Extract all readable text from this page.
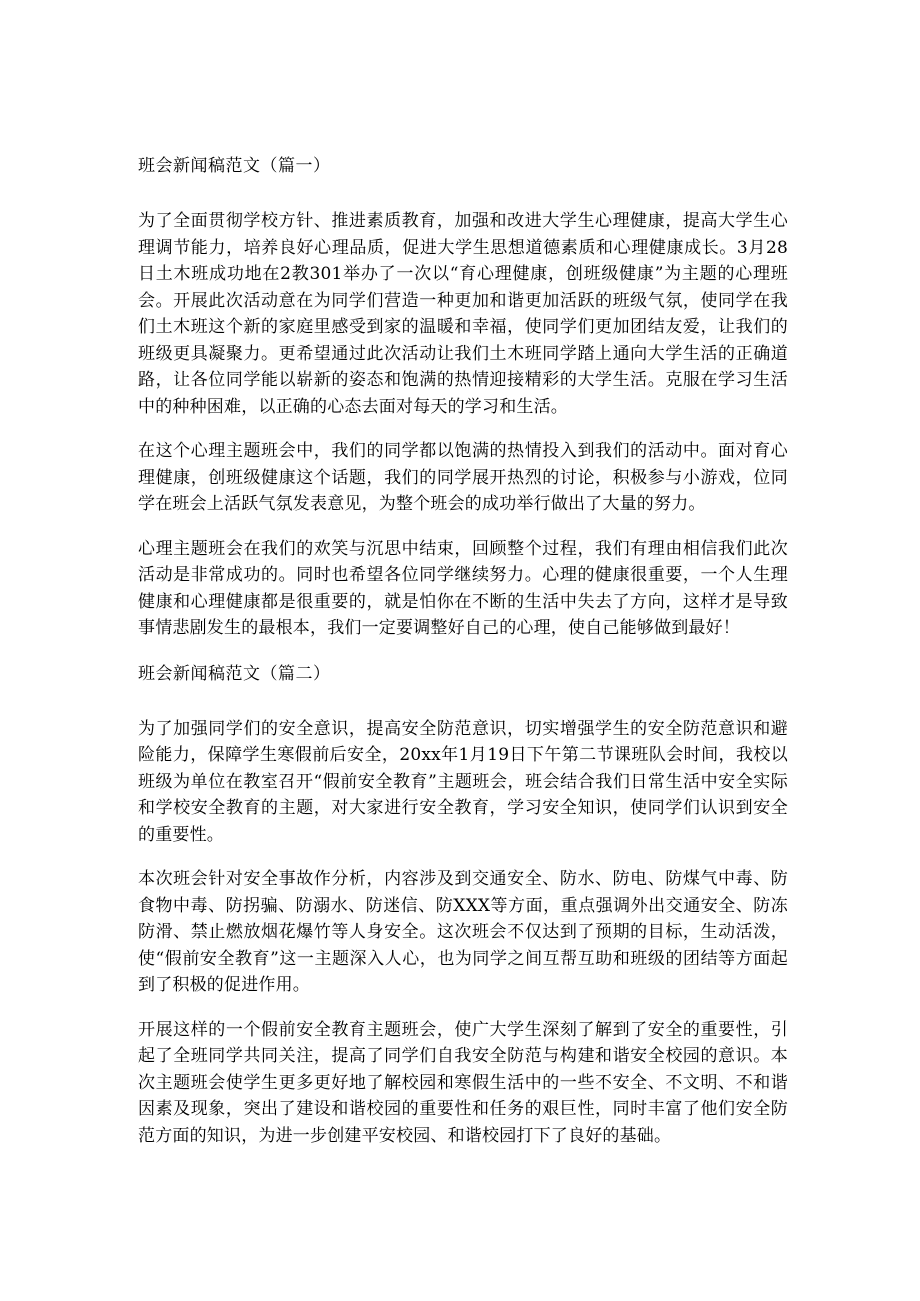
班会新闻稿范文（篇一）

为了全面贯彻学校方针、推进素质教育，加强和改进大学生心理健康，提高大学生心理调节能力，培养良好心理品质，促进大学生思想道德素质和心理健康成长。3月28日土木班成功地在2教301举办了一次以“育心理健康，创班级健康”为主题的心理班会。开展此次活动意在为同学们营造一种更加和谐更加活跃的班级气氛，使同学在我们土木班这个新的家庭里感受到家的温暖和幸福，使同学们更加团结友爱，让我们的班级更具凝聚力。更希望通过此次活动让我们土木班同学踏上通向大学生活的正确道路，让各位同学能以崭新的姿态和饱满的热情迎接精彩的大学生活。克服在学习生活中的种种困难，以正确的心态去面对每天的学习和生活。

在这个心理主题班会中，我们的同学都以饱满的热情投入到我们的活动中。面对育心理健康，创班级健康这个话题，我们的同学展开热烈的讨论，积极参与小游戏，位同学在班会上活跃气氛发表意见，为整个班会的成功举行做出了大量的努力。

心理主题班会在我们的欢笑与沉思中结束，回顾整个过程，我们有理由相信我们此次活动是非常成功的。同时也希望各位同学继续努力。心理的健康很重要，一个人生理健康和心理健康都是很重要的，就是怕你在不断的生活中失去了方向，这样才是导致事情悲剧发生的最根本，我们一定要调整好自己的心理，使自己能够做到最好！

班会新闻稿范文（篇二）

为了加强同学们的安全意识，提高安全防范意识，切实增强学生的安全防范意识和避险能力，保障学生寒假前后安全，20xx年1月19日下午第二节课班队会时间，我校以班级为单位在教室召开“假前安全教育”主题班会，班会结合我们日常生活中安全实际和学校安全教育的主题，对大家进行安全教育，学习安全知识，使同学们认识到安全的重要性。

本次班会针对安全事故作分析，内容涉及到交通安全、防水、防电、防煤气中毒、防食物中毒、防拐骗、防溺水、防迷信、防XXX等方面，重点强调外出交通安全、防冻防滑、禁止燃放烟花爆竹等人身安全。这次班会不仅达到了预期的目标，生动活泼，使“假前安全教育”这一主题深入人心，也为同学之间互帮互助和班级的团结等方面起到了积极的促进作用。

开展这样的一个假前安全教育主题班会，使广大学生深刻了解到了安全的重要性，引起了全班同学共同关注，提高了同学们自我安全防范与构建和谐安全校园的意识。本次主题班会使学生更多更好地了解校园和寒假生活中的一些不安全、不文明、不和谐因素及现象，突出了建设和谐校园的重要性和任务的艰巨性，同时丰富了他们安全防范方面的知识，为进一步创建平安校园、和谐校园打下了良好的基础。
